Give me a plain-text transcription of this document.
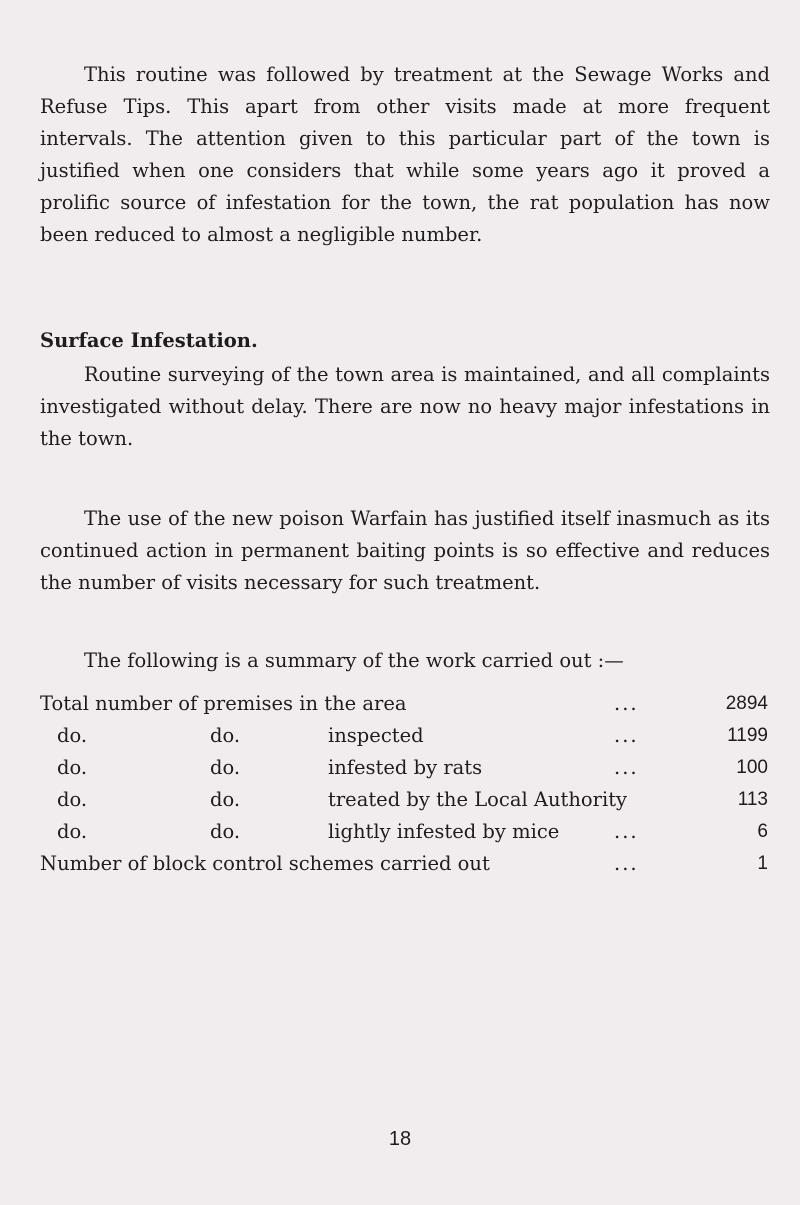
This routine was followed by treatment at the Sewage Works and Refuse Tips. This apart from other visits made at more frequent intervals. The attention given to this particular part of the town is justified when one considers that while some years ago it proved a prolific source of infestation for the town, the rat population has now been reduced to almost a negligible number.

Surface Infestation.

Routine surveying of the town area is maintained, and all complaints investigated without delay. There are now no heavy major infestations in the town.

The use of the new poison Warfain has justified itself inasmuch as its continued action in permanent baiting points is so effective and reduces the number of visits necessary for such treatment.

The following is a summary of the work carried out :—

Total number of premises in the area	...	2894
do.	do.	inspected	...	1199
do.	do.	infested by rats	...	100
do.	do.	treated by the Local Authority	113
do.	do.	lightly infested by mice	...	6
Number of block control schemes carried out	...	1
18
